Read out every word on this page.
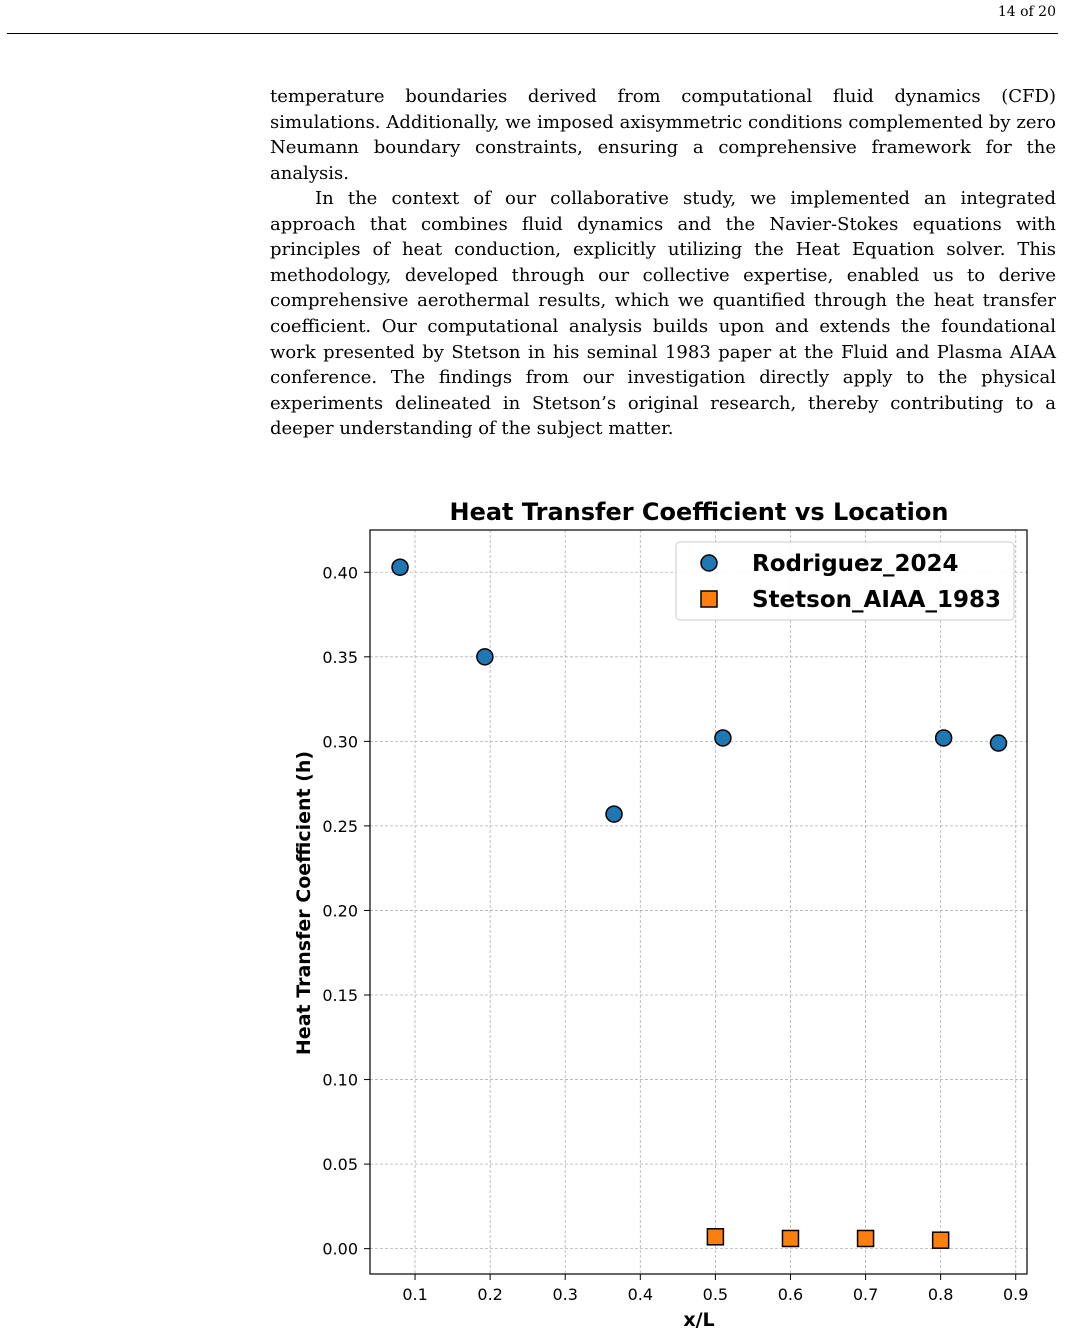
14 of 20

temperature boundaries derived from computational fluid dynamics (CFD) simulations. Additionally, we imposed axisymmetric conditions complemented by zero Neumann boundary constraints, ensuring a comprehensive framework for the analysis.

In the context of our collaborative study, we implemented an integrated approach that combines fluid dynamics and the Navier-Stokes equations with principles of heat conduction, explicitly utilizing the Heat Equation solver. This methodology, developed through our collective expertise, enabled us to derive comprehensive aerothermal results, which we quantified through the heat transfer coefficient. Our computational analysis builds upon and extends the foundational work presented by Stetson in his seminal 1983 paper at the Fluid and Plasma AIAA conference. The findings from our investigation directly apply to the physical experiments delineated in Stetson’s original research, thereby contributing to a deeper understanding of the subject matter.

Heat Transfer Coefficient vs Location
x/L
Heat Transfer Coefficient (h)
0.1	0.2	0.3	0.4	0.5	0.6	0.7	0.8	0.9
0.00
0.05
0.10
0.15
0.20
0.25
0.30
0.35
0.40	Rodriguez_2024
Stetson_AIAA_1983
